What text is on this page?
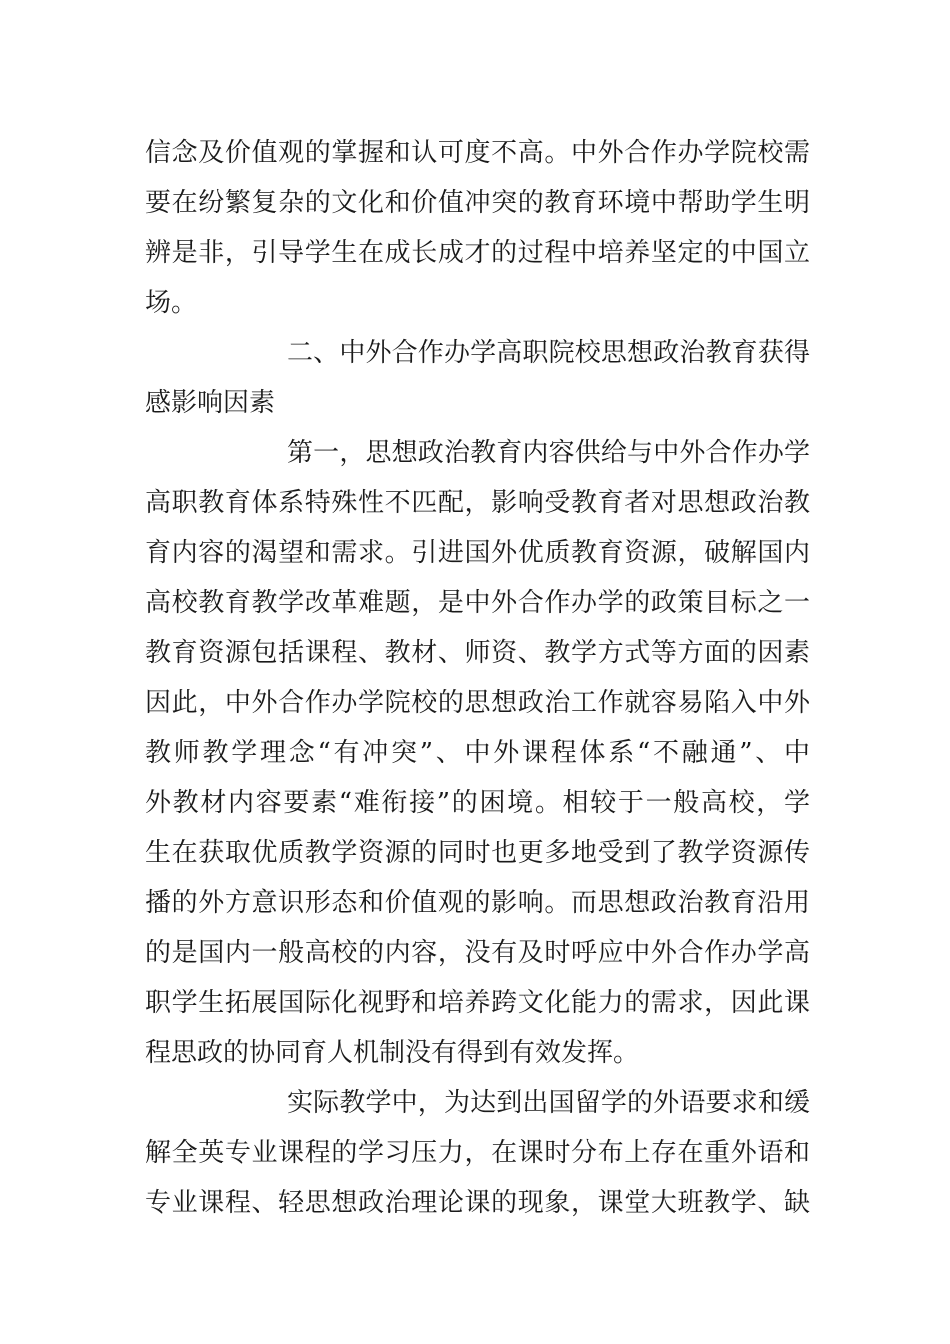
信念及价值观的掌握和认可度不高。中外合作办学院校需
要在纷繁复杂的文化和价值冲突的教育环境中帮助学生明
辨是非，引导学生在成长成才的过程中培养坚定的中国立
场。
二、中外合作办学高职院校思想政治教育获得
感影响因素
第一，思想政治教育内容供给与中外合作办学
高职教育体系特殊性不匹配，影响受教育者对思想政治教
育内容的渴望和需求。引进国外优质教育资源，破解国内
高校教育教学改革难题，是中外合作办学的政策目标之一
教育资源包括课程、教材、师资、教学方式等方面的因素
因此，中外合作办学院校的思想政治工作就容易陷入中外
教师教学理念“有冲突”、中外课程体系“不融通”、中
外教材内容要素“难衔接”的困境。相较于一般高校，学
生在获取优质教学资源的同时也更多地受到了教学资源传
播的外方意识形态和价值观的影响。而思想政治教育沿用
的是国内一般高校的内容，没有及时呼应中外合作办学高
职学生拓展国际化视野和培养跨文化能力的需求，因此课
程思政的协同育人机制没有得到有效发挥。
实际教学中，为达到出国留学的外语要求和缓
解全英专业课程的学习压力，在课时分布上存在重外语和
专业课程、轻思想政治理论课的现象，课堂大班教学、缺
